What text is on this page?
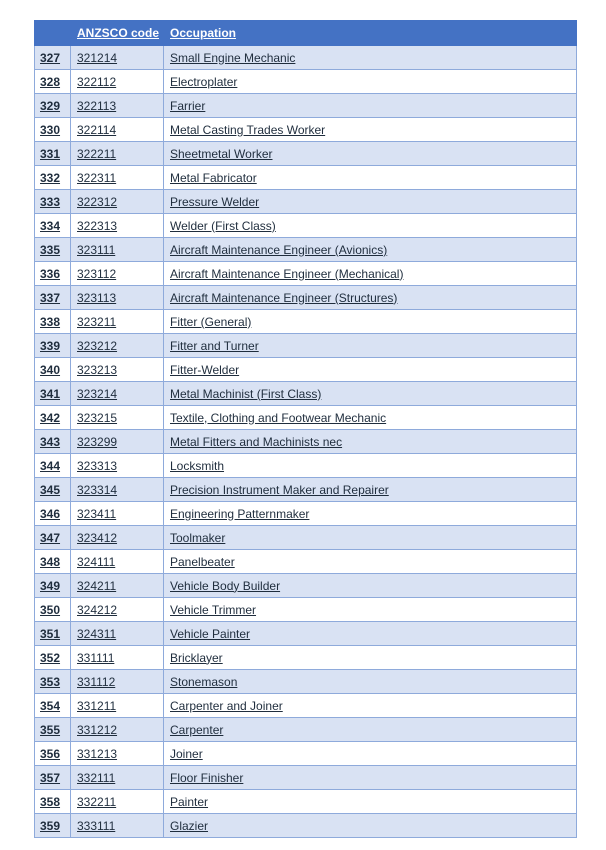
	ANZSCO code	Occupation
327	321214	Small Engine Mechanic
328	322112	Electroplater
329	322113	Farrier
330	322114	Metal Casting Trades Worker
331	322211	Sheetmetal Worker
332	322311	Metal Fabricator
333	322312	Pressure Welder
334	322313	Welder (First Class)
335	323111	Aircraft Maintenance Engineer (Avionics)
336	323112	Aircraft Maintenance Engineer (Mechanical)
337	323113	Aircraft Maintenance Engineer (Structures)
338	323211	Fitter (General)
339	323212	Fitter and Turner
340	323213	Fitter-Welder
341	323214	Metal Machinist (First Class)
342	323215	Textile, Clothing and Footwear Mechanic
343	323299	Metal Fitters and Machinists nec
344	323313	Locksmith
345	323314	Precision Instrument Maker and Repairer
346	323411	Engineering Patternmaker
347	323412	Toolmaker
348	324111	Panelbeater
349	324211	Vehicle Body Builder
350	324212	Vehicle Trimmer
351	324311	Vehicle Painter
352	331111	Bricklayer
353	331112	Stonemason
354	331211	Carpenter and Joiner
355	331212	Carpenter
356	331213	Joiner
357	332111	Floor Finisher
358	332211	Painter
359	333111	Glazier
